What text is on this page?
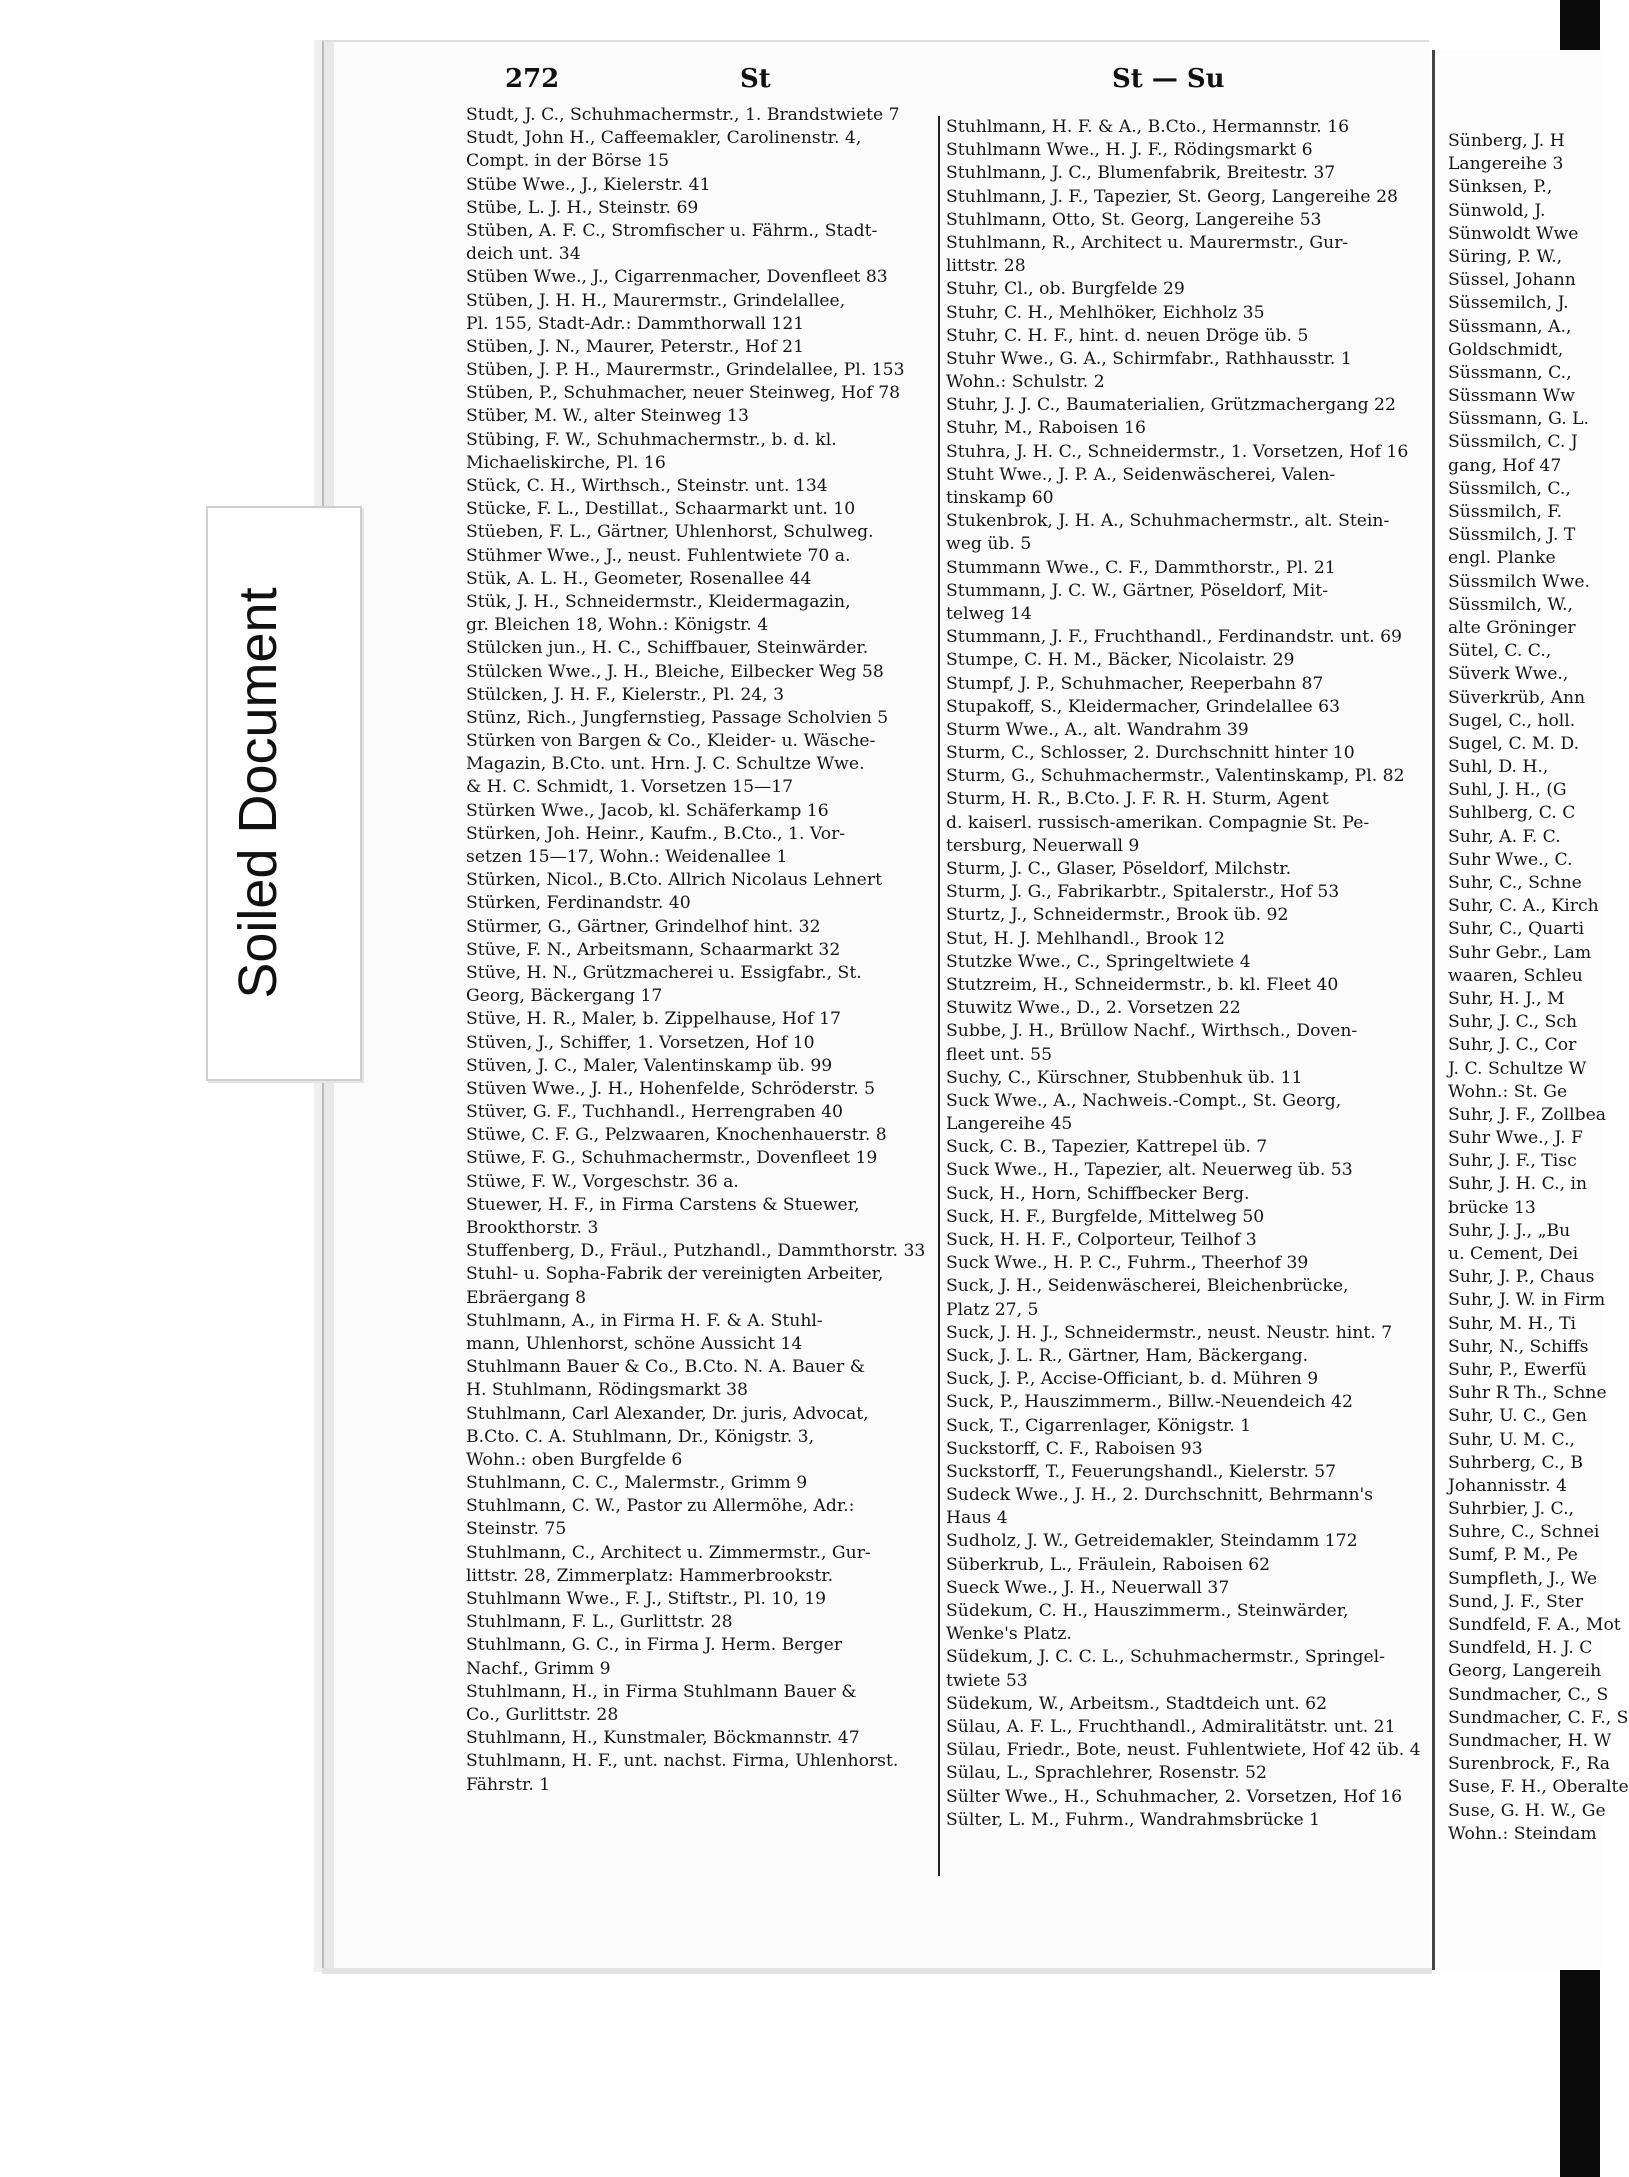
Soiled Document
272	St	St — Su
Studt, J. C., Schuhmachermstr., 1. Brandstwiete 7
Studt, John H., Caffeemakler, Carolinenstr. 4,
Compt. in der Börse 15
Stübe Wwe., J., Kielerstr. 41
Stübe, L. J. H., Steinstr. 69
Stüben, A. F. C., Stromfischer u. Fährm., Stadt-
deich unt. 34
Stüben Wwe., J., Cigarrenmacher, Dovenfleet 83
Stüben, J. H. H., Maurermstr., Grindelallee,
Pl. 155, Stadt-Adr.: Dammthorwall 121
Stüben, J. N., Maurer, Peterstr., Hof 21
Stüben, J. P. H., Maurermstr., Grindelallee, Pl. 153
Stüben, P., Schuhmacher, neuer Steinweg, Hof 78
Stüber, M. W., alter Steinweg 13
Stübing, F. W., Schuhmachermstr., b. d. kl.
Michaeliskirche, Pl. 16
Stück, C. H., Wirthsch., Steinstr. unt. 134
Stücke, F. L., Destillat., Schaarmarkt unt. 10
Stüeben, F. L., Gärtner, Uhlenhorst, Schulweg.
Stühmer Wwe., J., neust. Fuhlentwiete 70 a.
Stük, A. L. H., Geometer, Rosenallee 44
Stük, J. H., Schneidermstr., Kleidermagazin,
gr. Bleichen 18, Wohn.: Königstr. 4
Stülcken jun., H. C., Schiffbauer, Steinwärder.
Stülcken Wwe., J. H., Bleiche, Eilbecker Weg 58
Stülcken, J. H. F., Kielerstr., Pl. 24, 3
Stünz, Rich., Jungfernstieg, Passage Scholvien 5
Stürken von Bargen & Co., Kleider- u. Wäsche-
Magazin, B.Cto. unt. Hrn. J. C. Schultze Wwe.
& H. C. Schmidt, 1. Vorsetzen 15—17
Stürken Wwe., Jacob, kl. Schäferkamp 16
Stürken, Joh. Heinr., Kaufm., B.Cto., 1. Vor-
setzen 15—17, Wohn.: Weidenallee 1
Stürken, Nicol., B.Cto. Allrich Nicolaus Lehnert
Stürken, Ferdinandstr. 40
Stürmer, G., Gärtner, Grindelhof hint. 32
Stüve, F. N., Arbeitsmann, Schaarmarkt 32
Stüve, H. N., Grützmacherei u. Essigfabr., St.
Georg, Bäckergang 17
Stüve, H. R., Maler, b. Zippelhause, Hof 17
Stüven, J., Schiffer, 1. Vorsetzen, Hof 10
Stüven, J. C., Maler, Valentinskamp üb. 99
Stüven Wwe., J. H., Hohenfelde, Schröderstr. 5
Stüver, G. F., Tuchhandl., Herrengraben 40
Stüwe, C. F. G., Pelzwaaren, Knochenhauerstr. 8
Stüwe, F. G., Schuhmachermstr., Dovenfleet 19
Stüwe, F. W., Vorgeschstr. 36 a.
Stuewer, H. F., in Firma Carstens & Stuewer,
Brookthorstr. 3
Stuffenberg, D., Fräul., Putzhandl., Dammthorstr. 33
Stuhl- u. Sopha-Fabrik der vereinigten Arbeiter,
Ebräergang 8
Stuhlmann, A., in Firma H. F. & A. Stuhl-
mann, Uhlenhorst, schöne Aussicht 14
Stuhlmann Bauer & Co., B.Cto. N. A. Bauer &
H. Stuhlmann, Rödingsmarkt 38
Stuhlmann, Carl Alexander, Dr. juris, Advocat,
B.Cto. C. A. Stuhlmann, Dr., Königstr. 3,
Wohn.: oben Burgfelde 6
Stuhlmann, C. C., Malermstr., Grimm 9
Stuhlmann, C. W., Pastor zu Allermöhe, Adr.:
Steinstr. 75
Stuhlmann, C., Architect u. Zimmermstr., Gur-
littstr. 28, Zimmerplatz: Hammerbrookstr.
Stuhlmann Wwe., F. J., Stiftstr., Pl. 10, 19
Stuhlmann, F. L., Gurlittstr. 28
Stuhlmann, G. C., in Firma J. Herm. Berger
Nachf., Grimm 9
Stuhlmann, H., in Firma Stuhlmann Bauer &
Co., Gurlittstr. 28
Stuhlmann, H., Kunstmaler, Böckmannstr. 47
Stuhlmann, H. F., unt. nachst. Firma, Uhlenhorst.
Fährstr. 1
Stuhlmann, H. F. & A., B.Cto., Hermannstr. 16
Stuhlmann Wwe., H. J. F., Rödingsmarkt 6
Stuhlmann, J. C., Blumenfabrik, Breitestr. 37
Stuhlmann, J. F., Tapezier, St. Georg, Langereihe 28
Stuhlmann, Otto, St. Georg, Langereihe 53
Stuhlmann, R., Architect u. Maurermstr., Gur-
littstr. 28
Stuhr, Cl., ob. Burgfelde 29
Stuhr, C. H., Mehlhöker, Eichholz 35
Stuhr, C. H. F., hint. d. neuen Dröge üb. 5
Stuhr Wwe., G. A., Schirmfabr., Rathhausstr. 1
Wohn.: Schulstr. 2
Stuhr, J. J. C., Baumaterialien, Grützmachergang 22
Stuhr, M., Raboisen 16
Stuhra, J. H. C., Schneidermstr., 1. Vorsetzen, Hof 16
Stuht Wwe., J. P. A., Seidenwäscherei, Valen-
tinskamp 60
Stukenbrok, J. H. A., Schuhmachermstr., alt. Stein-
weg üb. 5
Stummann Wwe., C. F., Dammthorstr., Pl. 21
Stummann, J. C. W., Gärtner, Pöseldorf, Mit-
telweg 14
Stummann, J. F., Fruchthandl., Ferdinandstr. unt. 69
Stumpe, C. H. M., Bäcker, Nicolaistr. 29
Stumpf, J. P., Schuhmacher, Reeperbahn 87
Stupakoff, S., Kleidermacher, Grindelallee 63
Sturm Wwe., A., alt. Wandrahm 39
Sturm, C., Schlosser, 2. Durchschnitt hinter 10
Sturm, G., Schuhmachermstr., Valentinskamp, Pl. 82
Sturm, H. R., B.Cto. J. F. R. H. Sturm, Agent
d. kaiserl. russisch-amerikan. Compagnie St. Pe-
tersburg, Neuerwall 9
Sturm, J. C., Glaser, Pöseldorf, Milchstr.
Sturm, J. G., Fabrikarbtr., Spitalerstr., Hof 53
Sturtz, J., Schneidermstr., Brook üb. 92
Stut, H. J. Mehlhandl., Brook 12
Stutzke Wwe., C., Springeltwiete 4
Stutzreim, H., Schneidermstr., b. kl. Fleet 40
Stuwitz Wwe., D., 2. Vorsetzen 22
Subbe, J. H., Brüllow Nachf., Wirthsch., Doven-
fleet unt. 55
Suchy, C., Kürschner, Stubbenhuk üb. 11
Suck Wwe., A., Nachweis.-Compt., St. Georg,
Langereihe 45
Suck, C. B., Tapezier, Kattrepel üb. 7
Suck Wwe., H., Tapezier, alt. Neuerweg üb. 53
Suck, H., Horn, Schiffbecker Berg.
Suck, H. F., Burgfelde, Mittelweg 50
Suck, H. H. F., Colporteur, Teilhof 3
Suck Wwe., H. P. C., Fuhrm., Theerhof 39
Suck, J. H., Seidenwäscherei, Bleichenbrücke,
Platz 27, 5
Suck, J. H. J., Schneidermstr., neust. Neustr. hint. 7
Suck, J. L. R., Gärtner, Ham, Bäckergang.
Suck, J. P., Accise-Officiant, b. d. Mühren 9
Suck, P., Hauszimmerm., Billw.-Neuendeich 42
Suck, T., Cigarrenlager, Königstr. 1
Suckstorff, C. F., Raboisen 93
Suckstorff, T., Feuerungshandl., Kielerstr. 57
Sudeck Wwe., J. H., 2. Durchschnitt, Behrmann's
Haus 4
Sudholz, J. W., Getreidemakler, Steindamm 172
Süberkrub, L., Fräulein, Raboisen 62
Sueck Wwe., J. H., Neuerwall 37
Südekum, C. H., Hauszimmerm., Steinwärder,
Wenke's Platz.
Südekum, J. C. C. L., Schuhmachermstr., Springel-
twiete 53
Südekum, W., Arbeitsm., Stadtdeich unt. 62
Sülau, A. F. L., Fruchthandl., Admiralitätstr. unt. 21
Sülau, Friedr., Bote, neust. Fuhlentwiete, Hof 42 üb. 4
Sülau, L., Sprachlehrer, Rosenstr. 52
Sülter Wwe., H., Schuhmacher, 2. Vorsetzen, Hof 16
Sülter, L. M., Fuhrm., Wandrahmsbrücke 1
Sünberg, J. H
Langereihe 3
Sünksen, P.,
Sünwold, J.
Sünwoldt Wwe
Süring, P. W.,
Süssel, Johann
Süssemilch, J.
Süssmann, A.,
Goldschmidt,
Süssmann, C.,
Süssmann Ww
Süssmann, G. L.
Süssmilch, C. J
gang, Hof 47
Süssmilch, C.,
Süssmilch, F.
Süssmilch, J. T
engl. Planke
Süssmilch Wwe.
Süssmilch, W.,
alte Gröninger
Sütel, C. C.,
Süverk Wwe.,
Süverkrüb, Ann
Sugel, C., holl.
Sugel, C. M. D.
Suhl, D. H.,
Suhl, J. H., (G
Suhlberg, C. C
Suhr, A. F. C.
Suhr Wwe., C.
Suhr, C., Schne
Suhr, C. A., Kirch
Suhr, C., Quarti
Suhr Gebr., Lam
waaren, Schleu
Suhr, H. J., M
Suhr, J. C., Sch
Suhr, J. C., Cor
J. C. Schultze W
Wohn.: St. Ge
Suhr, J. F., Zollbea
Suhr Wwe., J. F
Suhr, J. F., Tisc
Suhr, J. H. C., in
brücke 13
Suhr, J. J., „Bu
u. Cement, Dei
Suhr, J. P., Chaus
Suhr, J. W. in Firm
Suhr, M. H., Ti
Suhr, N., Schiffs
Suhr, P., Ewerfü
Suhr R Th., Schne
Suhr, U. C., Gen
Suhr, U. M. C.,
Suhrberg, C., B
Johannisstr. 4
Suhrbier, J. C.,
Suhre, C., Schnei
Sumf, P. M., Pe
Sumpfleth, J., We
Sund, J. F., Ster
Sundfeld, F. A., Mot
Sundfeld, H. J. C
Georg, Langereih
Sundmacher, C., S
Sundmacher, C. F., S
Sundmacher, H. W
Surenbrock, F., Ra
Suse, F. H., Oberalte
Suse, G. H. W., Ge
Wohn.: Steindam
